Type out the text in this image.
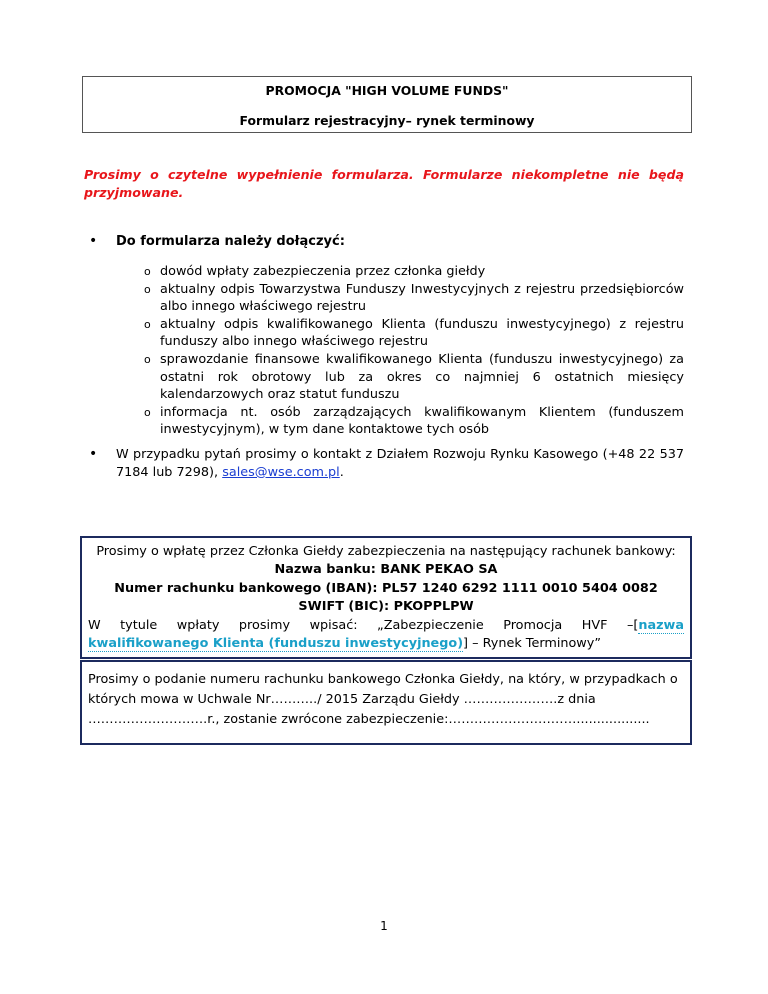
PROMOCJA "HIGH VOLUME FUNDS"
Formularz rejestracyjny– rynek terminowy
Prosimy o czytelne wypełnienie formularza. Formularze niekompletne nie będą przyjmowane.
• Do formularza należy dołączyć:
o dowód wpłaty zabezpieczenia przez członka giełdy
o aktualny odpis Towarzystwa Funduszy Inwestycyjnych z rejestru przedsiębiorców albo innego właściwego rejestru
o aktualny odpis kwalifikowanego Klienta (funduszu inwestycyjnego) z rejestru funduszy albo innego właściwego rejestru
o sprawozdanie finansowe kwalifikowanego Klienta (funduszu inwestycyjnego) za ostatni rok obrotowy lub za okres co najmniej 6 ostatnich miesięcy kalendarzowych oraz statut funduszu
o informacja nt. osób zarządzających kwalifikowanym Klientem (funduszem inwestycyjnym), w tym dane kontaktowe tych osób
• W przypadku pytań prosimy o kontakt z Działem Rozwoju Rynku Kasowego (+48 22 537 7184 lub 7298), sales@wse.com.pl.
Prosimy o wpłatę przez Członka Giełdy zabezpieczenia na następujący rachunek bankowy:
Nazwa banku: BANK PEKAO SA
Numer rachunku bankowego (IBAN): PL57 1240 6292 1111 0010 5404 0082
SWIFT (BIC): PKOPPLPW
W tytule wpłaty prosimy wpisać: „Zabezpieczenie Promocja HVF –[nazwa kwalifikowanego Klienta (funduszu inwestycyjnego)] – Rynek Terminowy”
Prosimy o podanie numeru rachunku bankowego Członka Giełdy, na który, w przypadkach o których mowa w Uchwale Nr………../ 2015 Zarządu Giełdy ………………….z dnia ……………………….r., zostanie zwrócone zabezpieczenie:…………………………..................
1
